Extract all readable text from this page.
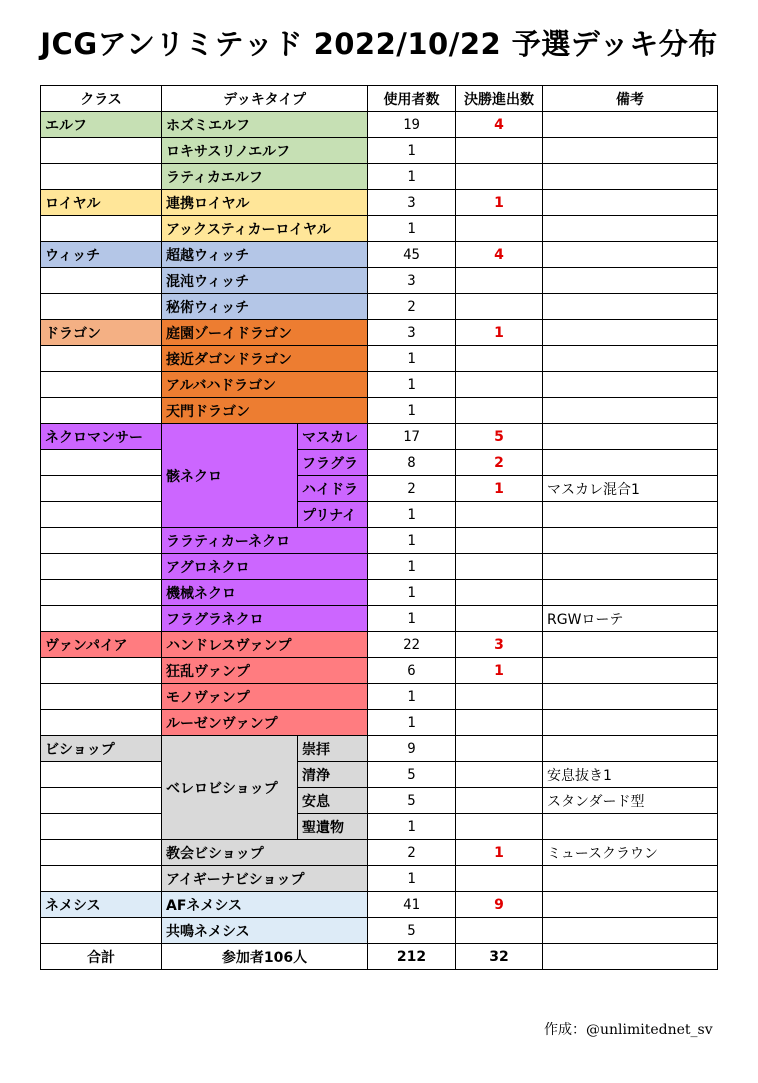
JCGアンリミテッド 2022/10/22 予選デッキ分布
クラス	デッキタイプ		使用者数	決勝進出数	備考
エルフ	ホズミエルフ		19	4	
	ロキサスリノエルフ		1		
	ラティカエルフ		1		
ロイヤル	連携ロイヤル		3	1	
	アックスティカーロイヤル		1		
ウィッチ	超越ウィッチ		45	4	
	混沌ウィッチ		3		
	秘術ウィッチ		2		
ドラゴン	庭園ゾーイドラゴン		3	1	
	接近ダゴンドラゴン		1		
	アルバハドラゴン		1		
	天門ドラゴン		1		
ネクロマンサー	骸ネクロ	マスカレ	17	5	
		フラグラ	8	2	
		ハイドラ	2	1	マスカレ混合1
		プリナイ	1		
	ララティカーネクロ		1		
	アグロネクロ		1		
	機械ネクロ		1		
	フラグラネクロ		1		RGWローテ
ヴァンパイア	ハンドレスヴァンプ		22	3	
	狂乱ヴァンプ		6	1	
	モノヴァンプ		1		
	ルーゼンヴァンプ		1		
ビショップ	ベレロビショップ	崇拝	9		
		清浄	5		安息抜き1
		安息	5		スタンダード型
		聖遺物	1		
	教会ビショップ		2	1	ミュースクラウン
	アイギーナビショップ		1		
ネメシス	AFネメシス		41	9	
	共鳴ネメシス		5		
合計	参加者106人		212	32	
作成：@unlimitednet_sv
